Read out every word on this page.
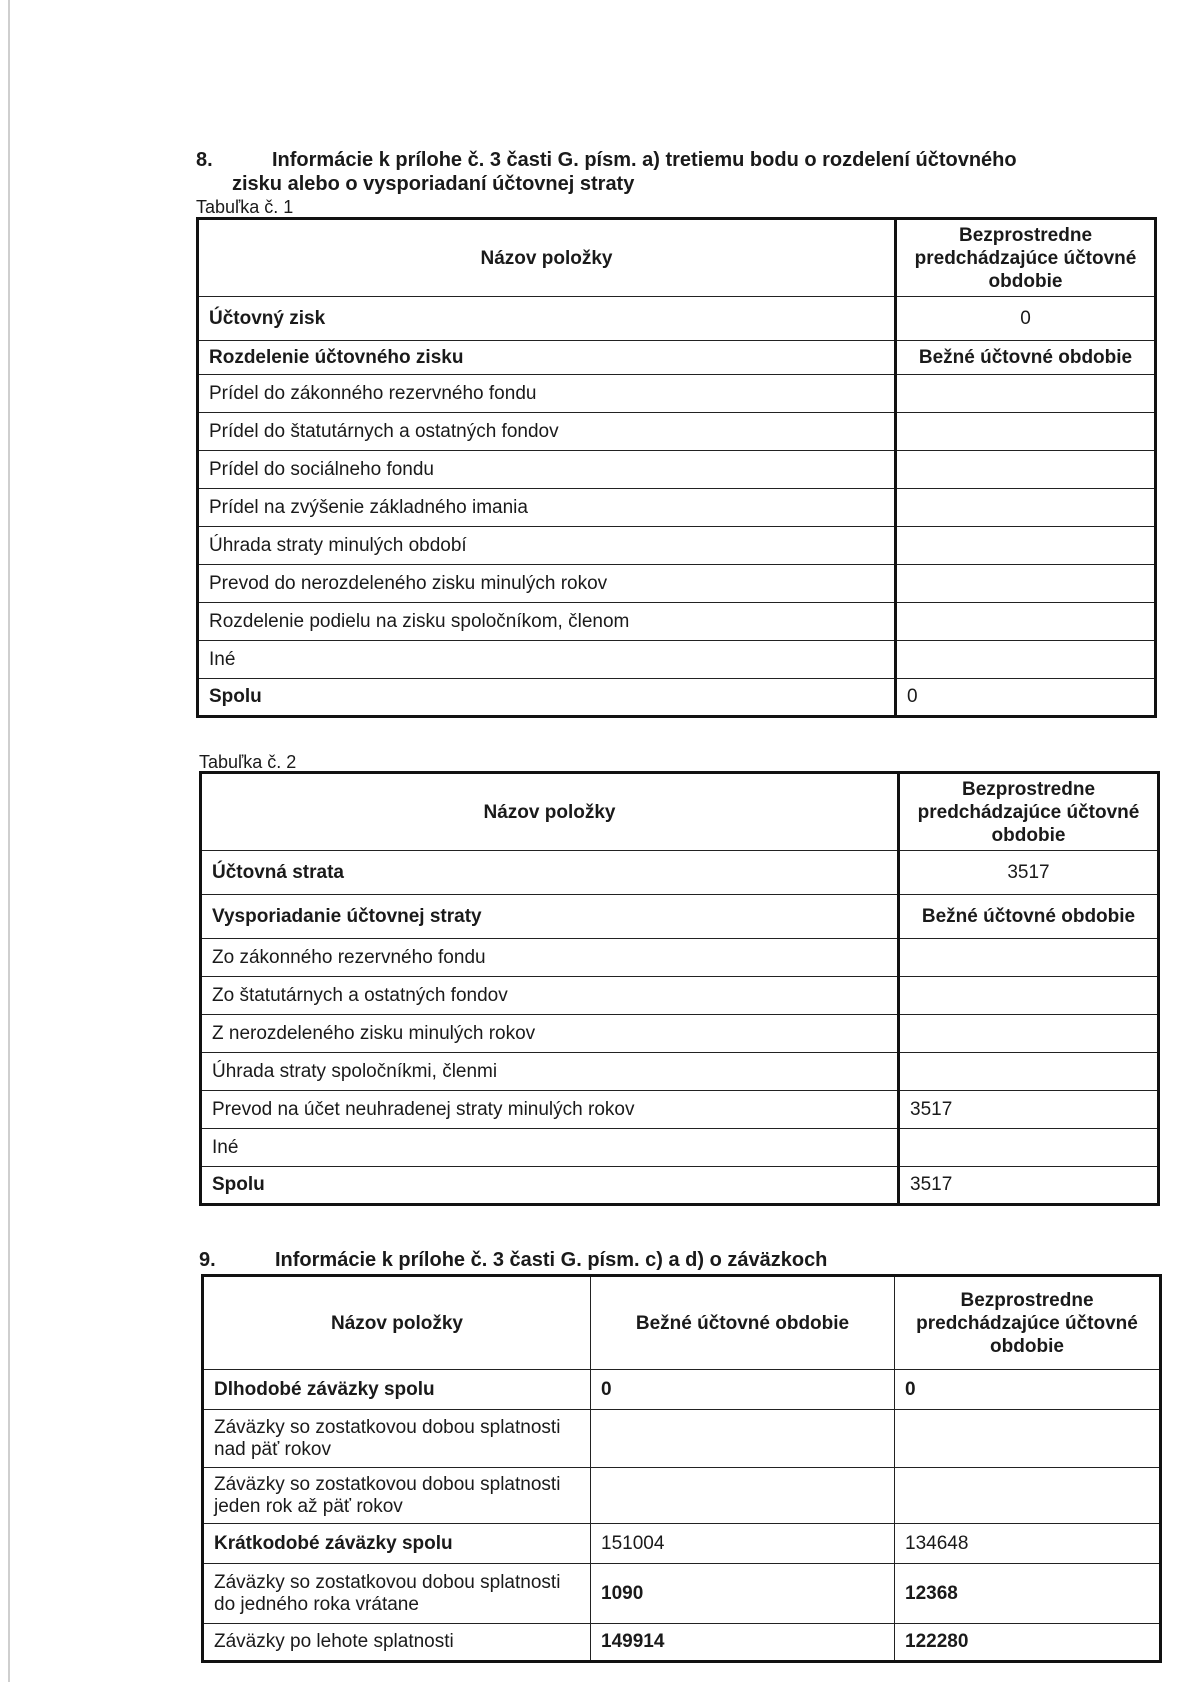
8.	Informácie k prílohe č. 3 časti G. písm. a) tretiemu bodu o rozdelení účtovného
zisku alebo o vysporiadaní účtovnej straty
Tabuľka č. 1
Názov položky	Bezprostredne predchádzajúce účtovné obdobie
Účtovný zisk	0
Rozdelenie účtovného zisku	Bežné účtovné obdobie
Prídel do zákonného rezervného fondu	
Prídel do štatutárnych a ostatných fondov	
Prídel do sociálneho fondu	
Prídel na zvýšenie základného imania	
Úhrada straty minulých období	
Prevod do nerozdeleného zisku minulých rokov	
Rozdelenie podielu na zisku spoločníkom, členom	
Iné	
Spolu	0
Tabuľka č. 2
Názov položky	Bezprostredne predchádzajúce účtovné obdobie
Účtovná strata	3517
Vysporiadanie účtovnej straty	Bežné účtovné obdobie
Zo zákonného rezervného fondu	
Zo štatutárnych a ostatných fondov	
Z nerozdeleného zisku minulých rokov	
Úhrada straty spoločníkmi, členmi	
Prevod na účet neuhradenej straty minulých rokov	3517
Iné	
Spolu	3517
9.	Informácie k prílohe č. 3 časti G. písm. c) a d) o záväzkoch
Názov položky	Bežné účtovné obdobie	Bezprostredne predchádzajúce účtovné obdobie
Dlhodobé záväzky spolu	0	0
Záväzky so zostatkovou dobou splatnosti nad päť rokov		
Záväzky so zostatkovou dobou splatnosti jeden rok až päť rokov		
Krátkodobé záväzky spolu	151004	134648
Záväzky so zostatkovou dobou splatnosti do jedného roka vrátane	1090	12368
Záväzky po lehote splatnosti	149914	122280
